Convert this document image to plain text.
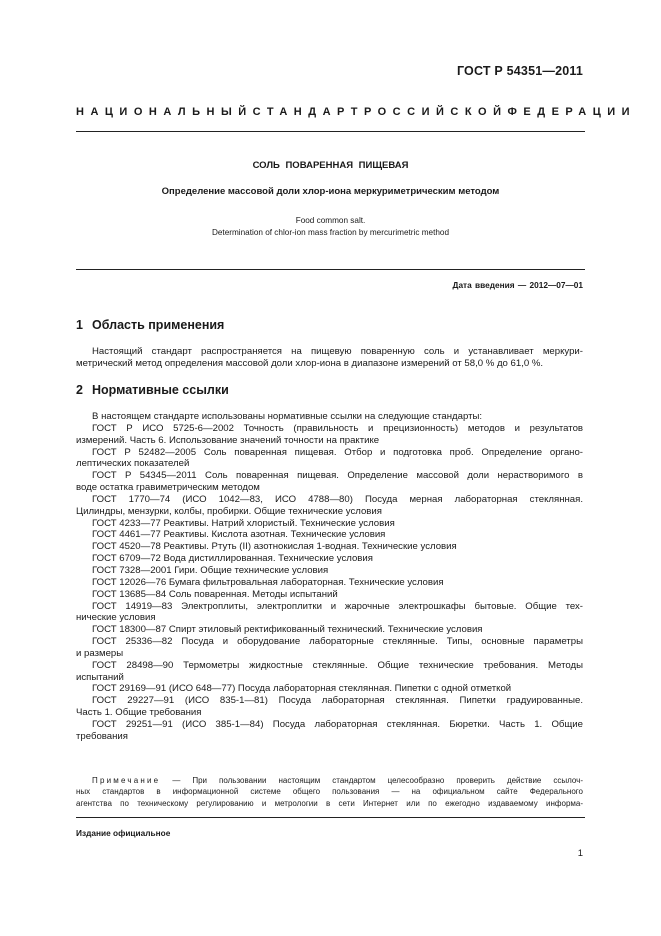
ГОСТ Р 54351—2011
НАЦИОНАЛЬНЫЙ СТАНДАРТ РОССИЙСКОЙ ФЕДЕРАЦИИ
СОЛЬ ПОВАРЕННАЯ ПИЩЕВАЯ
Определение массовой доли хлор-иона меркуриметрическим методом
Food common salt.
Determination of chlor-ion mass fraction by mercurimetric method
Дата введения — 2012—07—01
1 Область применения

Настоящий стандарт распространяется на пищевую поваренную соль и устанавливает меркури-

метрический метод определения массовой доли хлор-иона в диапазоне измерений от 58,0 % до 61,0 %.

2 Нормативные ссылки

В настоящем стандарте использованы нормативные ссылки на следующие стандарты:

ГОСТ Р ИСО 5725-6—2002 Точность (правильность и прецизионность) методов и результатов

измерений. Часть 6. Использование значений точности на практике

ГОСТ Р 52482—2005 Соль поваренная пищевая. Отбор и подготовка проб. Определение органо-

лептических показателей

ГОСТ Р 54345—2011 Соль поваренная пищевая. Определение массовой доли нерастворимого в

воде остатка гравиметрическим методом

ГОСТ 1770—74 (ИСО 1042—83, ИСО 4788—80) Посуда мерная лабораторная стеклянная.

Цилиндры, мензурки, колбы, пробирки. Общие технические условия

ГОСТ 4233—77 Реактивы. Натрий хлористый. Технические условия

ГОСТ 4461—77 Реактивы. Кислота азотная. Технические условия

ГОСТ 4520—78 Реактивы. Ртуть (II) азотнокислая 1-водная. Технические условия

ГОСТ 6709—72 Вода дистиллированная. Технические условия

ГОСТ 7328—2001 Гири. Общие технические условия

ГОСТ 12026—76 Бумага фильтровальная лабораторная. Технические условия

ГОСТ 13685—84 Соль поваренная. Методы испытаний

ГОСТ 14919—83 Электроплиты, электроплитки и жарочные электрошкафы бытовые. Общие тех-

нические условия

ГОСТ 18300—87 Спирт этиловый ректификованный технический. Технические условия

ГОСТ 25336—82 Посуда и оборудование лабораторные стеклянные. Типы, основные параметры

и размеры

ГОСТ 28498—90 Термометры жидкостные стеклянные. Общие технические требования. Методы

испытаний

ГОСТ 29169—91 (ИСО 648—77) Посуда лабораторная стеклянная. Пипетки с одной отметкой

ГОСТ 29227—91 (ИСО 835-1—81) Посуда лабораторная стеклянная. Пипетки градуированные.

Часть 1. Общие требования

ГОСТ 29251—91 (ИСО 385-1—84) Посуда лабораторная стеклянная. Бюретки. Часть 1. Общие

требования

Примечание — При пользовании настоящим стандартом целесообразно проверить действие ссылоч-

ных стандартов в информационной системе общего пользования — на официальном сайте Федерального

агентства по техническому регулированию и метрологии в сети Интернет или по ежегодно издаваемому информа-

Издание официальное
1
